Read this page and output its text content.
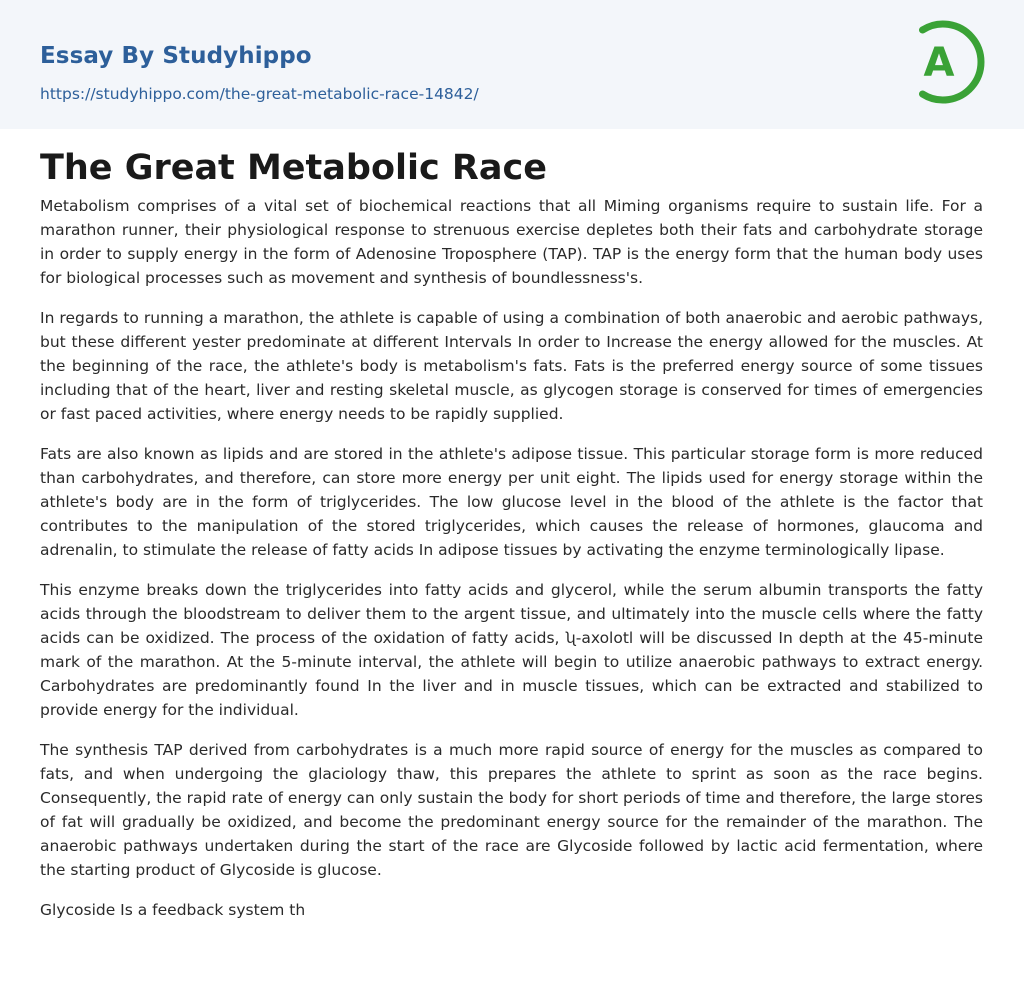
Essay By Studyhippo
https://studyhippo.com/the-great-metabolic-race-14842/
A
The Great Metabolic Race

Metabolism comprises of a vital set of biochemical reactions that all Miming organisms require to sustain life. For a marathon runner, their physiological response to strenuous exercise depletes both their fats and carbohydrate storage in order to supply energy in the form of Adenosine Troposphere (TAP). TAP is the energy form that the human body uses for biological processes such as movement and synthesis of boundlessness's.

In regards to running a marathon, the athlete is capable of using a combination of both anaerobic and aerobic pathways, but these different yester predominate at different Intervals In order to Increase the energy allowed for the muscles. At the beginning of the race, the athlete's body is metabolism's fats. Fats is the preferred energy source of some tissues including that of the heart, liver and resting skeletal muscle, as glycogen storage is conserved for times of emergencies or fast paced activities, where energy needs to be rapidly supplied.

Fats are also known as lipids and are stored in the athlete's adipose tissue. This particular storage form is more reduced than carbohydrates, and therefore, can store more energy per unit eight. The lipids used for energy storage within the athlete's body are in the form of triglycerides. The low glucose level in the blood of the athlete is the factor that contributes to the manipulation of the stored triglycerides, which causes the release of hormones, glaucoma and adrenalin, to stimulate the release of fatty acids In adipose tissues by activating the enzyme terminologically lipase.

This enzyme breaks down the triglycerides into fatty acids and glycerol, while the serum albumin transports the fatty acids through the bloodstream to deliver them to the argent tissue, and ultimately into the muscle cells where the fatty acids can be oxidized. The process of the oxidation of fatty acids, ʯ-axolotl will be discussed In depth at the 45-minute mark of the marathon. At the 5-minute interval, the athlete will begin to utilize anaerobic pathways to extract energy. Carbohydrates are predominantly found In the liver and in muscle tissues, which can be extracted and stabilized to provide energy for the individual.

The synthesis TAP derived from carbohydrates is a much more rapid source of energy for the muscles as compared to fats, and when undergoing the glaciology thaw, this prepares the athlete to sprint as soon as the race begins. Consequently, the rapid rate of energy can only sustain the body for short periods of time and therefore, the large stores of fat will gradually be oxidized, and become the predominant energy source for the remainder of the marathon. The anaerobic pathways undertaken during the start of the race are Glycoside followed by lactic acid fermentation, where the starting product of Glycoside is glucose.

Glycoside Is a feedback system th
